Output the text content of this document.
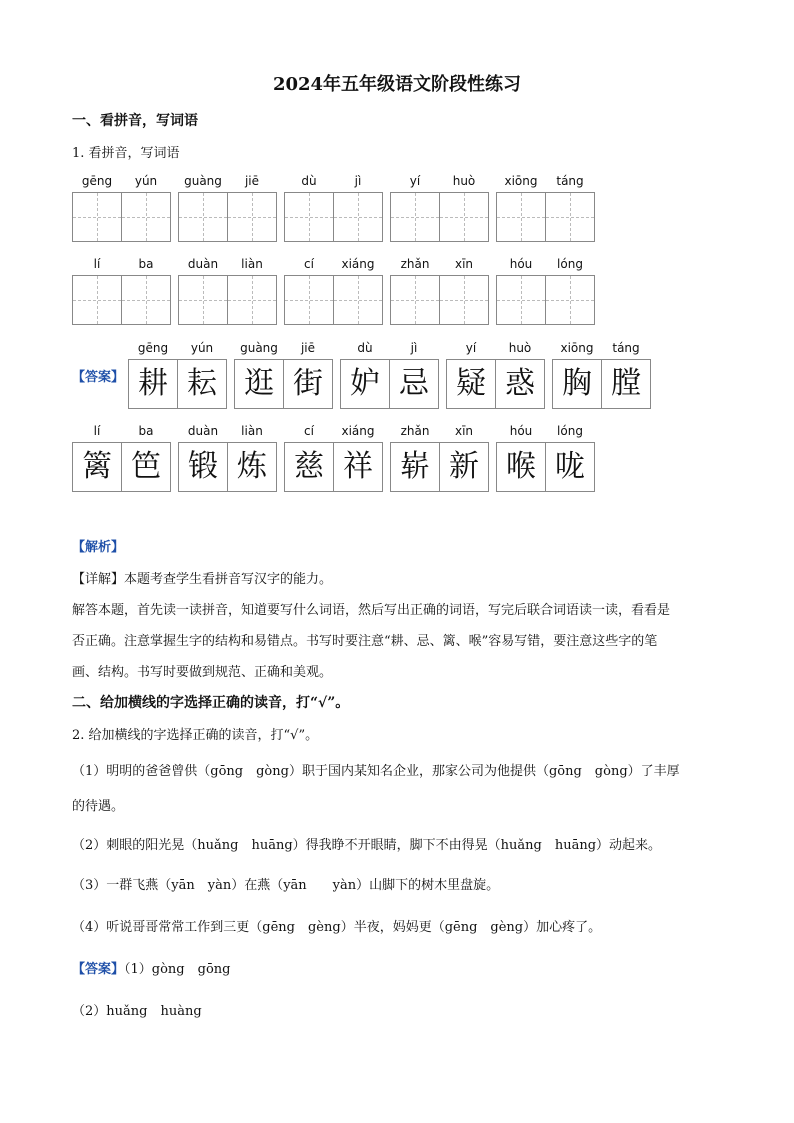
2024年五年级语文阶段性练习
一、看拼音，写词语
1. 看拼音，写词语
gēng	yún	guàng	jiē	dù	jì	yí	huò	xiōng	táng
lí	ba	duàn	liàn	cí	xiáng	zhǎn	xīn	hóu	lóng
【答案】
gēng	yún
耕 耘
guàng	jiē
逛 街
dù	jì
妒 忌
yí	huò
疑 惑
xiōng	táng
胸 膛
lí	ba
篱 笆
duàn	liàn
锻 炼
cí	xiáng
慈 祥
zhǎn	xīn
崭 新
hóu	lóng
喉 咙
【解析】
【详解】本题考查学生看拼音写汉字的能力。
解答本题，首先读一读拼音，知道要写什么词语，然后写出正确的词语，写完后联合词语读一读，看看是
否正确。注意掌握生字的结构和易错点。书写时要注意“耕、忌、篱、喉”容易写错，要注意这些字的笔
画、结构。书写时要做到规范、正确和美观。
二、给加横线的字选择正确的读音，打“√”。
2. 给加横线的字选择正确的读音，打“√”。
（1）明明的爸爸曾供（gōng　gòng）职于国内某知名企业，那家公司为他提供（gōng　gòng）了丰厚
的待遇。
（2）刺眼的阳光晃（huǎng　huāng）得我睁不开眼睛，脚下不由得晃（huǎng　huāng）动起来。
（3）一群飞燕（yān　yàn）在燕（yān　　yàn）山脚下的树木里盘旋。
（4）听说哥哥常常工作到三更（gēng　gèng）半夜，妈妈更（gēng　gèng）加心疼了。
【答案】（1）gòng　gōng
（2）huǎng　huàng
